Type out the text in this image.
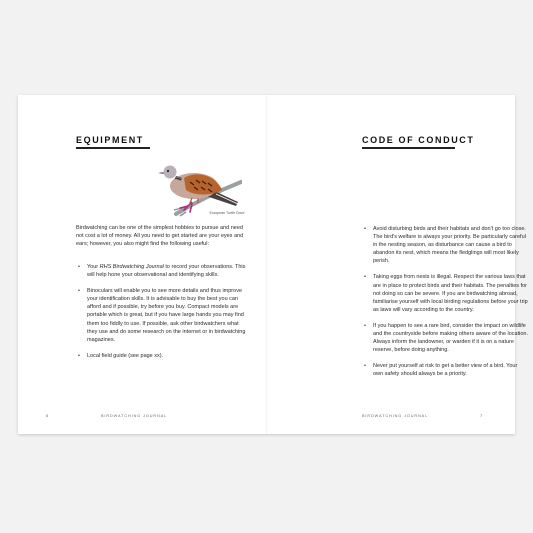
EQUIPMENT
European Turtle Dove
Birdwatching can be one of the simplest hobbies to pursue and need not cost a lot of money. All you need to get started are your eyes and ears; however, you also might find the following useful:
• Your RHS Birdwatching Journal to record your observations. This will help hone your observational and identifying skills.
• Binoculars will enable you to see more details and thus improve your identification skills. It is advisable to buy the best you can afford and if possible, try before you buy. Compact models are portable which is great, but if you have large hands you may find them too fiddly to use. If possible, ask other birdwatchers what they use and do some research on the internet or in birdwatching magazines.
• Local field guide (see page xx).
6	BIRDWATCHING JOURNAL
CODE OF CONDUCT
• Avoid disturbing birds and their habitats and don't go too close. The bird's welfare is always your priority. Be particularly careful in the nesting season, as disturbance can cause a bird to abandon its nest, which means the fledglings will most likely perish.
• Taking eggs from nests is illegal. Respect the various laws that are in place to protect birds and their habitats. The penalties for not doing so can be severe. If you are birdwatching abroad, familiarise yourself with local birding regulations before your trip as laws will vary according to the country.
• If you happen to see a rare bird, consider the impact on wildlife and the countryside before making others aware of the location. Always inform the landowner, or warden if it is on a nature reserve, before doing anything.
• Never put yourself at risk to get a better view of a bird. Your own safety should always be a priority.
BIRDWATCHING JOURNAL	7
